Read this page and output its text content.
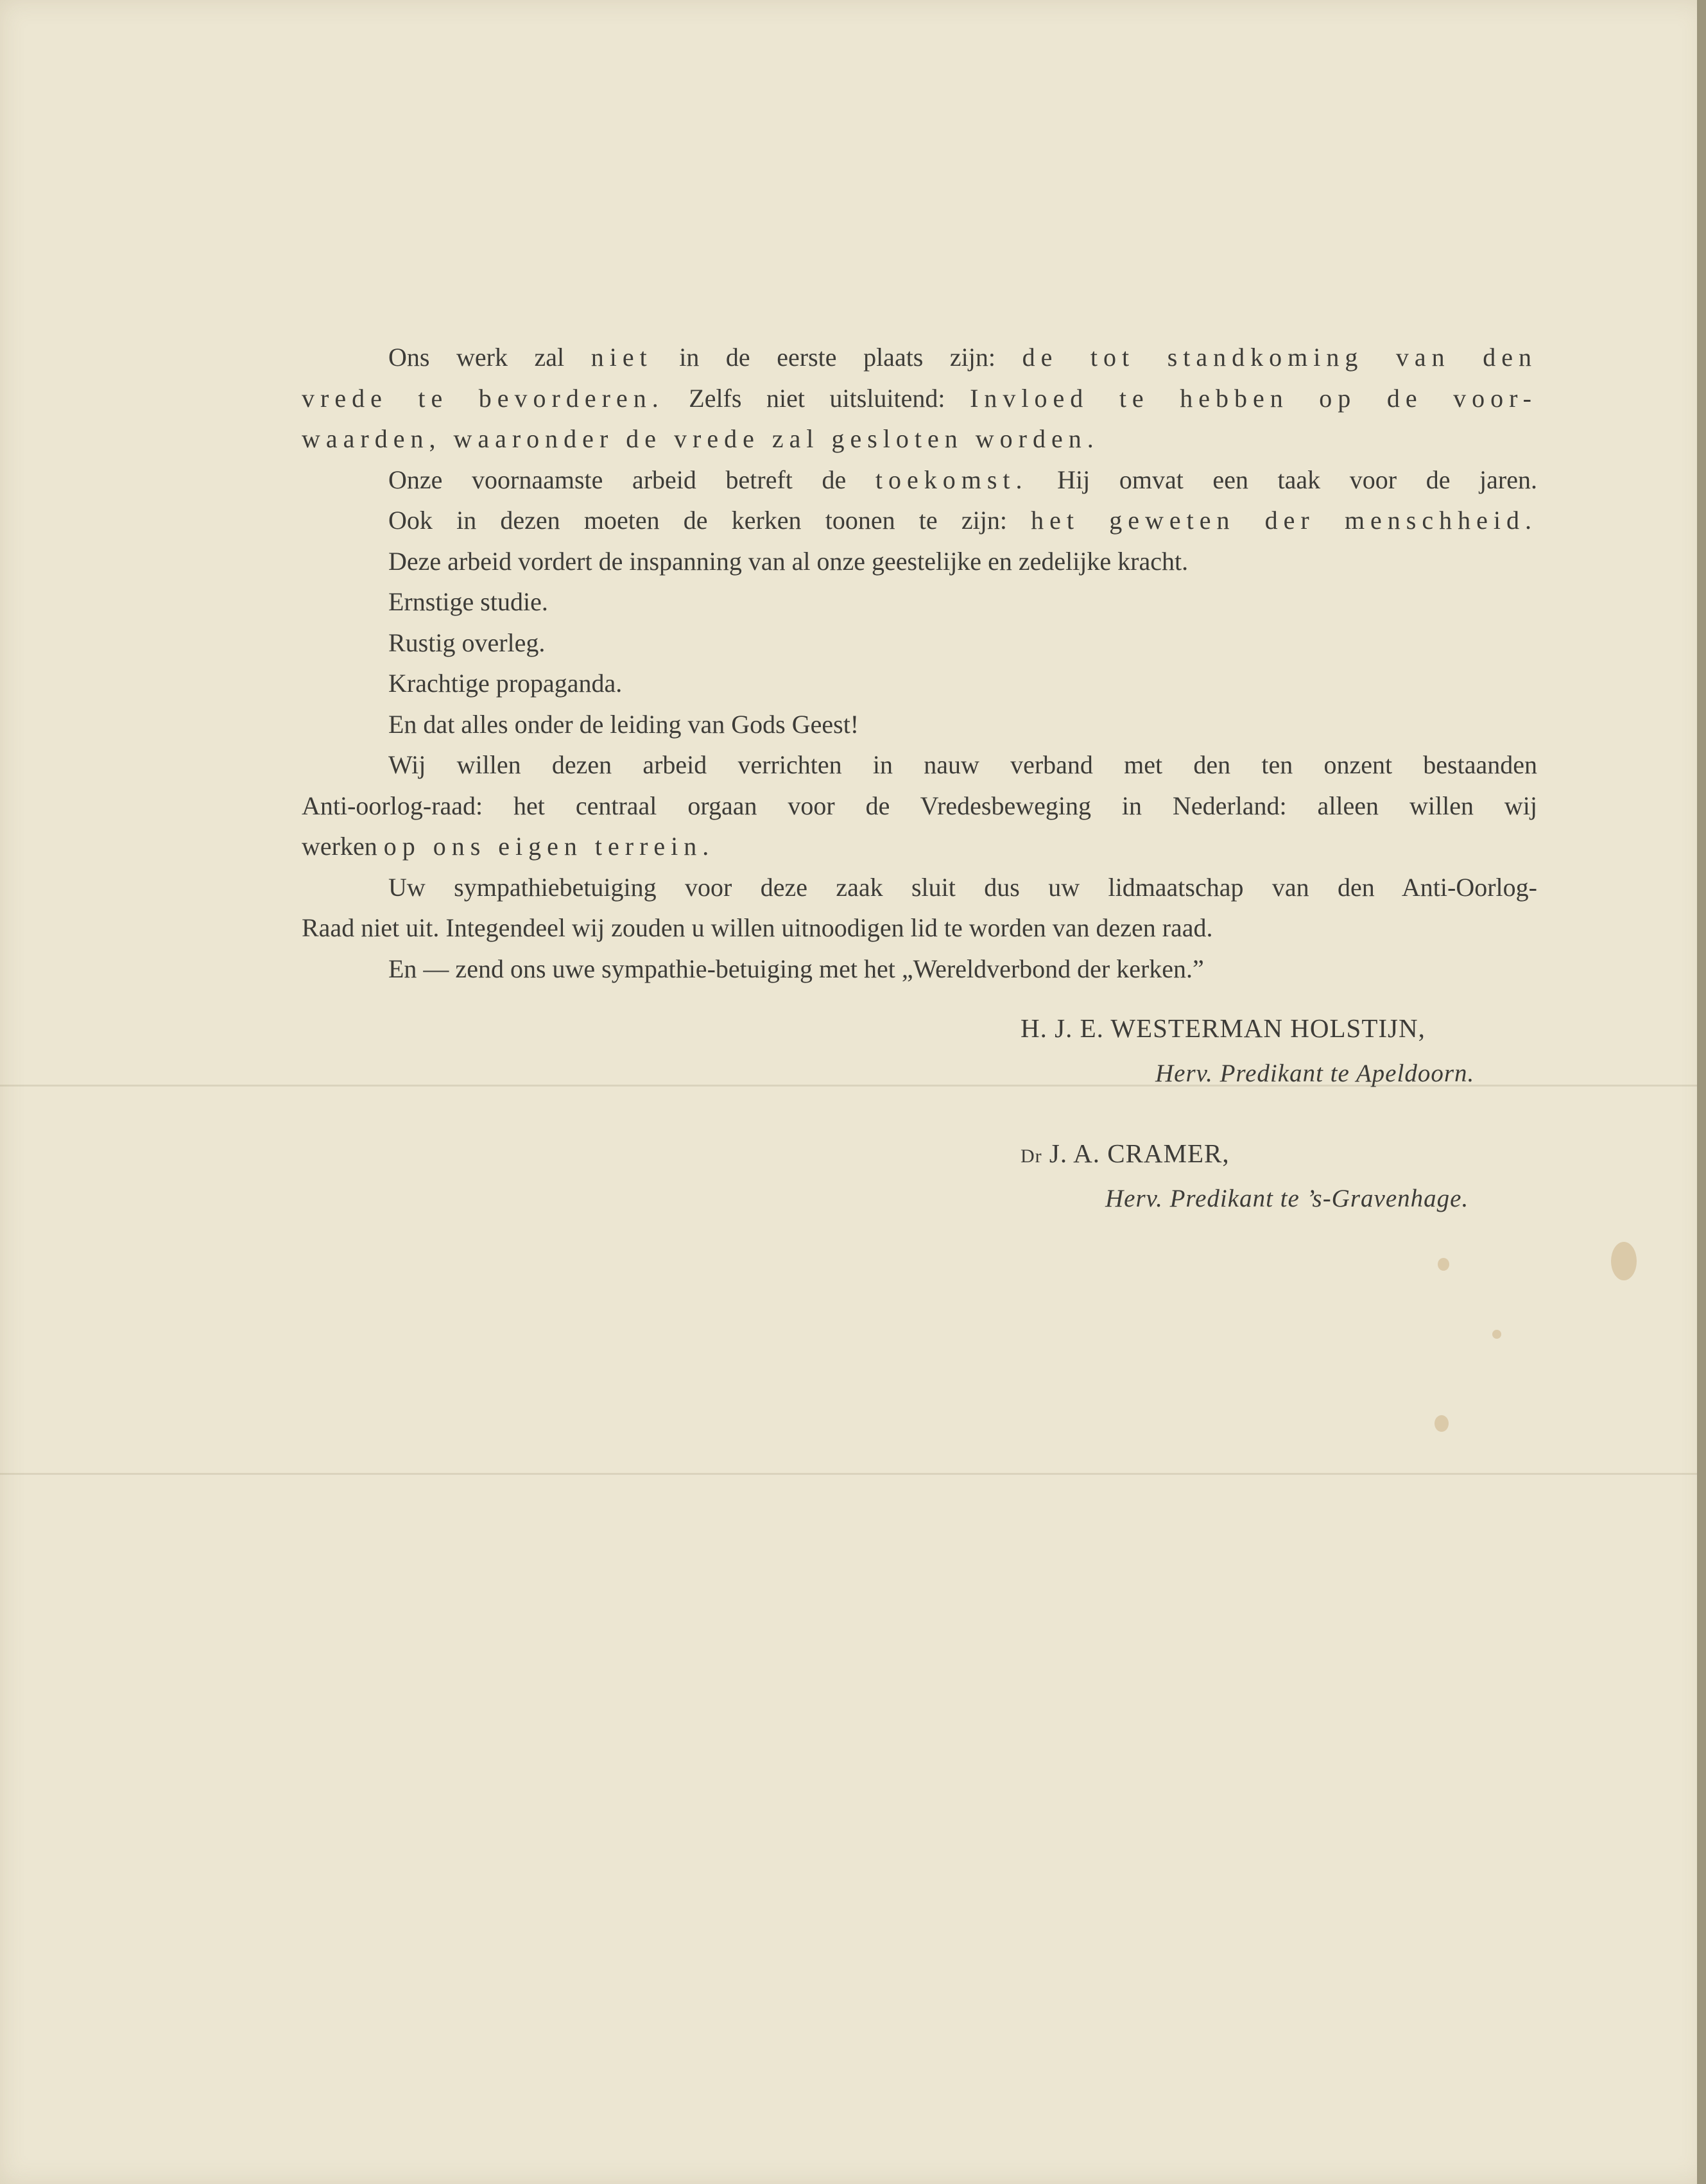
Ons werk zal niet in de eerste plaats zijn: de tot standkoming van den
vrede te bevorderen. Zelfs niet uitsluitend: Invloed te hebben op de voor-
waarden, waaronder de vrede zal gesloten worden.
Onze voornaamste arbeid betreft de toekomst. Hij omvat een taak voor de jaren.
Ook in dezen moeten de kerken toonen te zijn: het geweten der menschheid.
Deze arbeid vordert de inspanning van al onze geestelijke en zedelijke kracht.
Ernstige studie.
Rustig overleg.
Krachtige propaganda.
En dat alles onder de leiding van Gods Geest!
Wij willen dezen arbeid verrichten in nauw verband met den ten onzent bestaanden
Anti-oorlog-raad: het centraal orgaan voor de Vredesbeweging in Nederland: alleen willen wij
werken op ons eigen terrein.
Uw sympathiebetuiging voor deze zaak sluit dus uw lidmaatschap van den Anti-Oorlog-
Raad niet uit. Integendeel wij zouden u willen uitnoodigen lid te worden van dezen raad.
En — zend ons uwe sympathie-betuiging met het „Wereldverbond der kerken.”
H. J. E. WESTERMAN HOLSTIJN,
Herv. Predikant te Apeldoorn.
Dr J. A. CRAMER,
Herv. Predikant te ’s-Gravenhage.
